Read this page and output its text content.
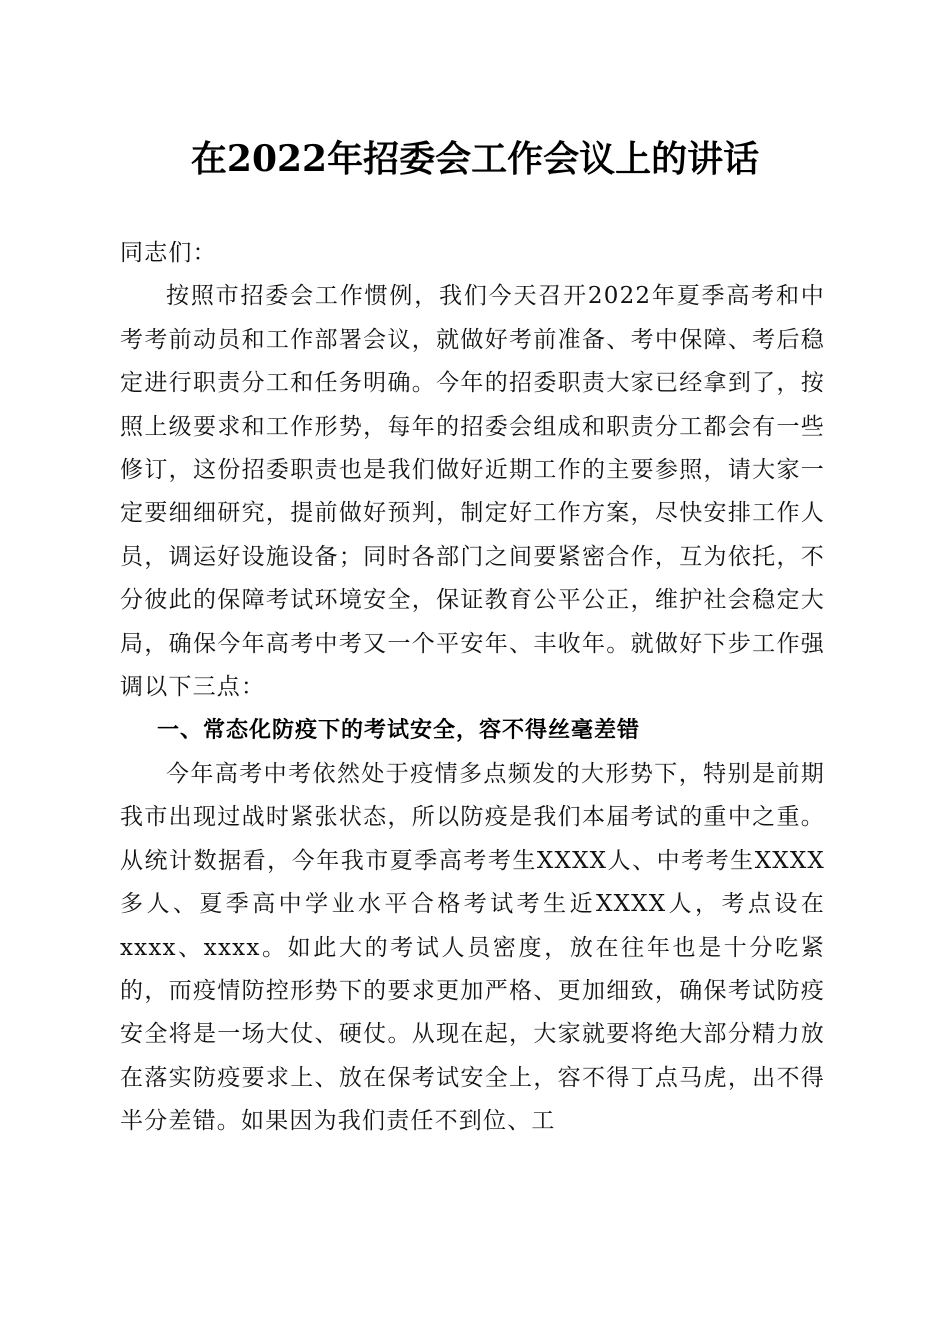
在2022年招委会工作会议上的讲话

同志们：

按照市招委会工作惯例，我们今天召开2022年夏季高考和中考考前动员和工作部署会议，就做好考前准备、考中保障、考后稳定进行职责分工和任务明确。今年的招委职责大家已经拿到了，按照上级要求和工作形势，每年的招委会组成和职责分工都会有一些修订，这份招委职责也是我们做好近期工作的主要参照，请大家一定要细细研究，提前做好预判，制定好工作方案，尽快安排工作人员，调运好设施设备；同时各部门之间要紧密合作，互为依托，不分彼此的保障考试环境安全，保证教育公平公正，维护社会稳定大局，确保今年高考中考又一个平安年、丰收年。就做好下步工作强调以下三点：

一、常态化防疫下的考试安全，容不得丝毫差错

今年高考中考依然处于疫情多点频发的大形势下，特别是前期我市出现过战时紧张状态，所以防疫是我们本届考试的重中之重。从统计数据看，今年我市夏季高考考生XXXX人、中考考生XXXX多人、夏季高中学业水平合格考试考生近XXXX人，考点设在xxxx、xxxx。如此大的考试人员密度，放在往年也是十分吃紧的，而疫情防控形势下的要求更加严格、更加细致，确保考试防疫安全将是一场大仗、硬仗。从现在起，大家就要将绝大部分精力放在落实防疫要求上、放在保考试安全上，容不得丁点马虎，出不得半分差错。如果因为我们责任不到位、工
